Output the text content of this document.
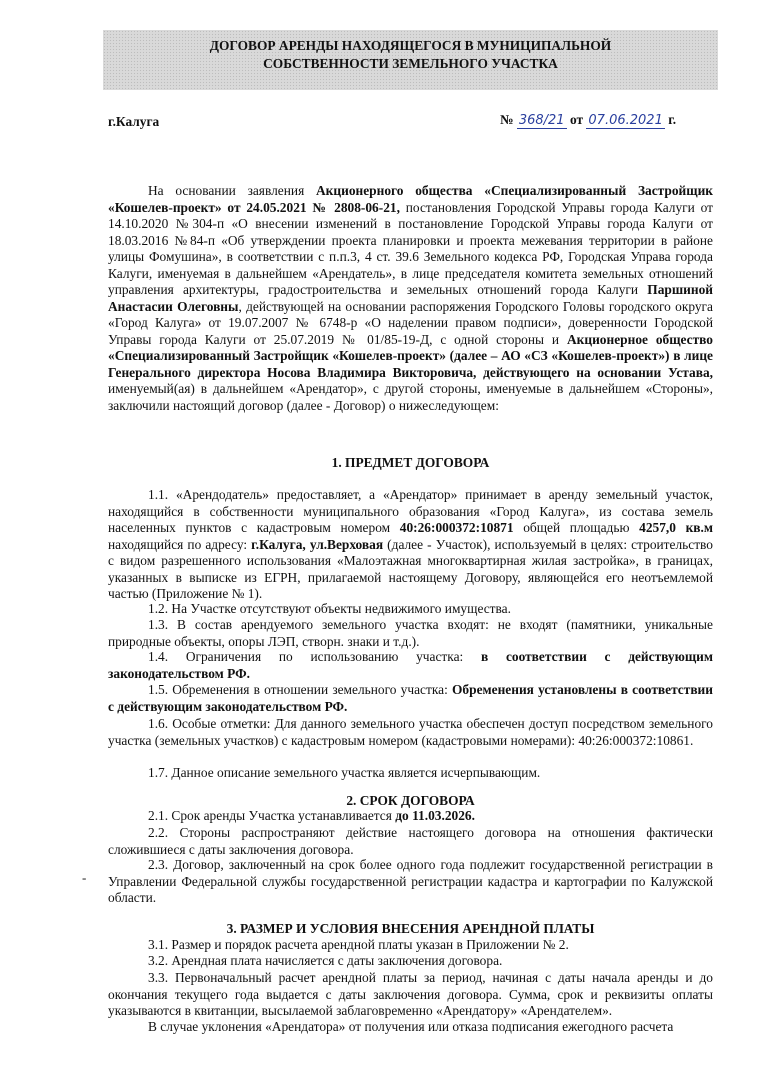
ДОГОВОР АРЕНДЫ НАХОДЯЩЕГОСЯ В МУНИЦИПАЛЬНОЙ
СОБСТВЕННОСТИ ЗЕМЕЛЬНОГО УЧАСТКА
г.Калуга	№ 368/21 от 07.06.2021 г.
На основании заявления Акционерного общества «Специализированный Застройщик «Кошелев-проект» от 24.05.2021 № 2808-06-21, постановления Городской Управы города Калуги от 14.10.2020 №304-п «О внесении изменений в постановление Городской Управы города Калуги от 18.03.2016 №84-п «Об утверждении проекта планировки и проекта межевания территории в районе улицы Фомушина», в соответствии с п.п.3, 4 ст. 39.6 Земельного кодекса РФ, Городская Управа города Калуги, именуемая в дальнейшем «Арендатель», в лице председателя комитета земельных отношений управления архитектуры, градостроительства и земельных отношений города Калуги Паршиной Анастасии Олеговны, действующей на основании распоряжения Городского Головы городского округа «Город Калуга» от 19.07.2007 № 6748-р «О наделении правом подписи», доверенности Городской Управы города Калуги от 25.07.2019 № 01/85-19-Д, с одной стороны и Акционерное общество «Специализированный Застройщик «Кошелев-проект» (далее – АО «СЗ «Кошелев-проект») в лице Генерального директора Носова Владимира Викторовича, действующего на основании Устава, именуемый(ая) в дальнейшем «Арендатор», с другой стороны, именуемые в дальнейшем «Стороны», заключили настоящий договор (далее - Договор) о нижеследующем:
1. ПРЕДМЕТ ДОГОВОРА
1.1. «Арендодатель» предоставляет, а «Арендатор» принимает в аренду земельный участок, находящийся в собственности муниципального образования «Город Калуга», из состава земель населенных пунктов с кадастровым номером 40:26:000372:10871 общей площадью 4257,0 кв.м находящийся по адресу: г.Калуга, ул.Верховая (далее - Участок), используемый в целях: строительство с видом разрешенного использования «Малоэтажная многоквартирная жилая застройка», в границах, указанных в выписке из ЕГРН, прилагаемой настоящему Договору, являющейся его неотъемлемой частью (Приложение № 1).
1.2. На Участке отсутствуют объекты недвижимого имущества.
1.3. В состав арендуемого земельного участка входят: не входят (памятники, уникальные природные объекты, опоры ЛЭП, створн. знаки и т.д.).
1.4. Ограничения по использованию участка: в соответствии с действующим законодательством РФ.
1.5. Обременения в отношении земельного участка: Обременения установлены в соответствии с действующим законодательством РФ.
1.6. Особые отметки: Для данного земельного участка обеспечен доступ посредством земельного участка (земельных участков) с кадастровым номером (кадастровыми номерами): 40:26:000372:10861.
1.7. Данное описание земельного участка является исчерпывающим.
2. СРОК ДОГОВОРА
2.1. Срок аренды Участка устанавливается до 11.03.2026.
2.2. Стороны распространяют действие настоящего договора на отношения фактически сложившиеся с даты заключения договора.
2.3. Договор, заключенный на срок более одного года подлежит государственной регистрации в Управлении Федеральной службы государственной регистрации кадастра и картографии по Калужской области.
-
3. РАЗМЕР И УСЛОВИЯ ВНЕСЕНИЯ АРЕНДНОЙ ПЛАТЫ
3.1. Размер и порядок расчета арендной платы указан в Приложении № 2.
3.2. Арендная плата начисляется с даты заключения договора.
3.3. Первоначальный расчет арендной платы за период, начиная с даты начала аренды и до окончания текущего года выдается с даты заключения договора. Сумма, срок и реквизиты оплаты указываются в квитанции, высылаемой заблаговременно «Арендатору» «Арендателем».
В случае уклонения «Арендатора» от получения или отказа подписания ежегодного расчета
